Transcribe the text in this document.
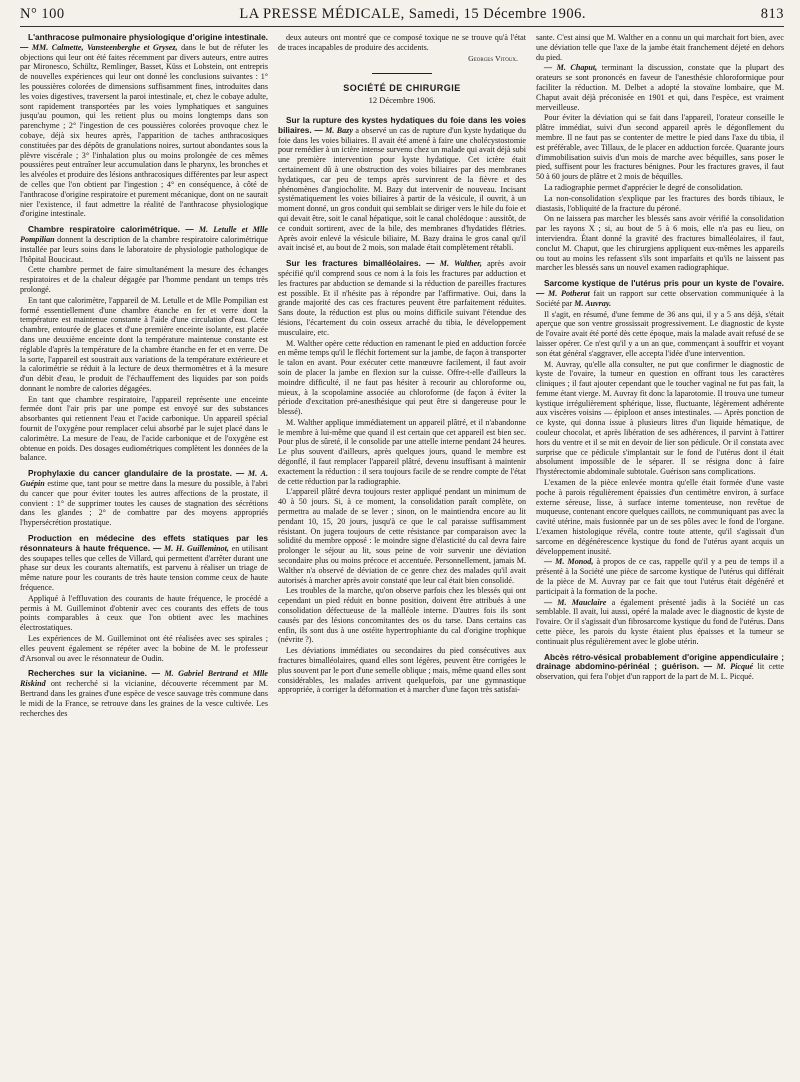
N° 100	LA PRESSE MÉDICALE, Samedi, 15 Décembre 1906.	813

L'anthracose pulmonaire physiologique d'origine intestinale. — MM. Calmette, Vansteenberghe et Grysez, dans le but de réfuter les objections qui leur ont été faites récemment par divers auteurs, entre autres par Mironesco, Schültz, Remlinger, Basset, Küss et Lobstein, ont entrepris de nouvelles expériences qui leur ont donné les conclusions suivantes : 1° les poussières colorées de dimensions suffisamment fines, introduites dans les voies digestives, traversent la paroi intestinale, et, chez le cobaye adulte, sont rapidement transportées par les voies lymphatiques et sanguines jusqu'au poumon, qui les retient plus ou moins longtemps dans son parenchyme ; 2° l'ingestion de ces poussières colorées provoque chez le cobaye, déjà six heures après, l'apparition de taches anthracosiques constituées par des dépôts de granulations noires, surtout abondantes sous la plèvre viscérale ; 3° l'inhalation plus ou moins prolongée de ces mêmes poussières peut entraîner leur accumulation dans le pharynx, les bronches et les alvéoles et produire des lésions anthracosiques différentes par leur aspect de celles que l'on obtient par l'ingestion ; 4° en conséquence, à côté de l'anthracose d'origine respiratoire et purement mécanique, dont on ne saurait nier l'existence, il faut admettre la réalité de l'anthracose physiologique d'origine intestinale.

Chambre respiratoire calorimétrique. — M. Letulle et Mlle Pompilian donnent la description de la chambre respiratoire calorimétrique installée par leurs soins dans le laboratoire de physiologie pathologique de l'hôpital Boucicaut.

Cette chambre permet de faire simultanément la mesure des échanges respiratoires et de la chaleur dégagée par l'homme pendant un temps très prolongé.

En tant que calorimètre, l'appareil de M. Letulle et de Mlle Pompilian est formé essentiellement d'une chambre étanche en fer et verre dont la température est maintenue constante à l'aide d'une circulation d'eau. Cette chambre, entourée de glaces et d'une première enceinte isolante, est placée dans une deuxième enceinte dont la température maintenue constante est réglable d'après la température de la chambre étanche en fer et en verre. De la sorte, l'appareil est soustrait aux variations de la température extérieure et la calorimétrie se réduit à la lecture de deux thermomètres et à la mesure d'un débit d'eau, le produit de l'échauffement des liquides par son poids donnant le nombre de calories dégagées.

En tant que chambre respiratoire, l'appareil représente une enceinte fermée dont l'air pris par une pompe est envoyé sur des substances absorbantes qui retiennent l'eau et l'acide carbonique. Un appareil spécial fournit de l'oxygène pour remplacer celui absorbé par le sujet placé dans le calorimètre. La mesure de l'eau, de l'acide carbonique et de l'oxygène est obtenue en poids. Des dosages eudiométriques complètent les données de la balance.

Prophylaxie du cancer glandulaire de la prostate. — M. A. Guépin estime que, tant pour se mettre dans la mesure du possible, à l'abri du cancer que pour éviter toutes les autres affections de la prostate, il convient : 1° de supprimer toutes les causes de stagnation des sécrétions dans les glandes ; 2° de combattre par des moyens appropriés l'hypersécrétion prostatique.

Production en médecine des effets statiques par les résonnateurs à haute fréquence. — M. H. Guilleminot, en utilisant des soupapes telles que celles de Villard, qui permettent d'arrêter durant une phase sur deux les courants alternatifs, est parvenu à réaliser un triage de même nature pour les courants de très haute tension comme ceux de haute fréquence.

Appliqué à l'effluvation des courants de haute fréquence, le procédé a permis à M. Guilleminot d'obtenir avec ces courants des effets de tous points comparables à ceux que l'on obtient avec les machines électrostatiques.

Les expériences de M. Guilleminot ont été réalisées avec ses spirales ; elles peuvent également se répéter avec la bobine de M. le professeur d'Arsonval ou avec le résonnateur de Oudin.

Recherches sur la vicianine. — M. Gabriel Bertrand et Mlle Riskind ont recherché si la vicianine, découverte récemment par M. Bertrand dans les graines d'une espèce de vesce sauvage très commune dans le midi de la France, se retrouve dans les graines de la vesce cultivée. Les recherches des

deux auteurs ont montré que ce composé toxique ne se trouve qu'à l'état de traces incapables de produire des accidents.

Georges Vitoux.
SOCIÉTÉ DE CHIRURGIE
12 Décembre 1906.

Sur la rupture des kystes hydatiques du foie dans les voies biliaires. — M. Bazy a observé un cas de rupture d'un kyste hydatique du foie dans les voies biliaires. Il avait été amené à faire une cholécystostomie pour remédier à un ictère intense survenu chez un malade qui avait déjà subi une première intervention pour kyste hydatique. Cet ictère était certainement dû à une obstruction des voies biliaires par des membranes hydatiques, car peu de temps après survinrent de la fièvre et des phénomènes d'angiocholite. M. Bazy dut intervenir de nouveau. Incisant systématiquement les voies biliaires à partir de la vésicule, il ouvrit, à un moment donné, un gros conduit qui semblait se diriger vers le hile du foie et qui devait être, soit le canal hépatique, soit le canal cholédoque : aussitôt, de ce conduit sortirent, avec de la bile, des membranes d'hydatides flétries. Après avoir enlevé la vésicule biliaire, M. Bazy draina le gros canal qu'il avait incisé et, au bout de 2 mois, son malade était complètement rétabli.

Sur les fractures bimalléolaires. — M. Walther, après avoir spécifié qu'il comprend sous ce nom à la fois les fractures par adduction et les fractures par abduction se demande si la réduction de pareilles fractures est possible. Et il n'hésite pas à répondre par l'affirmative. Oui, dans la grande majorité des cas ces fractures peuvent être parfaitement réduites. Sans doute, la réduction est plus ou moins difficile suivant l'étendue des lésions, l'écartement du coin osseux arraché du tibia, le développement musculaire, etc.

M. Walther opère cette réduction en ramenant le pied en adduction forcée en même temps qu'il le fléchit fortement sur la jambe, de façon à transporter le talon en avant. Pour exécuter cette manœuvre facilement, il faut avoir soin de placer la jambe en flexion sur la cuisse. Offre-t-elle d'ailleurs la moindre difficulté, il ne faut pas hésiter à recourir au chloroforme ou, mieux, à la scopolamine associée au chloroforme (de façon à éviter la période d'excitation pré-anesthésique qui peut être si dangereuse pour le blessé).

M. Walther applique immédiatement un appareil plâtré, et il n'abandonne le membre à lui-même que quand il est certain que cet appareil est bien sec. Pour plus de sûreté, il le consolide par une attelle interne pendant 24 heures. Le plus souvent d'ailleurs, après quelques jours, quand le membre est dégonflé, il faut remplacer l'appareil plâtré, devenu insuffisant à maintenir exactement la réduction : il sera toujours facile de se rendre compte de l'état de cette réduction par la radiographie.

L'appareil plâtré devra toujours rester appliqué pendant un minimum de 40 à 50 jours. Si, à ce moment, la consolidation paraît complète, on permettra au malade de se lever ; sinon, on le maintiendra encore au lit pendant 10, 15, 20 jours, jusqu'à ce que le cal paraisse suffisamment résistant. On jugera toujours de cette résistance par comparaison avec la solidité du membre opposé : le moindre signe d'élasticité du cal devra faire prolonger le séjour au lit, sous peine de voir survenir une déviation secondaire plus ou moins précoce et accentuée. Personnellement, jamais M. Walther n'a observé de déviation de ce genre chez des malades qu'il avait autorisés à marcher après avoir constaté que leur cal était bien consolidé.

Les troubles de la marche, qu'on observe parfois chez les blessés qui ont cependant un pied réduit en bonne position, doivent être attribués à une consolidation défectueuse de la malléole interne. D'autres fois ils sont causés par des lésions concomitantes des os du tarse. Dans certains cas enfin, ils sont dus à une ostéite hypertrophiante du cal d'origine trophique (névrite ?).

Les déviations immédiates ou secondaires du pied consécutives aux fractures bimalléolaires, quand elles sont légères, peuvent être corrigées le plus souvent par le port d'une semelle oblique ; mais, même quand elles sont considérables, les malades arrivent quelquefois, par une gymnastique appropriée, à corriger la déformation et à marcher d'une façon très satisfai-

sante. C'est ainsi que M. Walther en a connu un qui marchait fort bien, avec une déviation telle que l'axe de la jambe était franchement déjeté en dehors du pied.

— M. Chaput, terminant la discussion, constate que la plupart des orateurs se sont prononcés en faveur de l'anesthésie chloroformique pour faciliter la réduction. M. Delbet a adopté la stovaïne lombaire, que M. Chaput avait déjà préconisée en 1901 et qui, dans l'espèce, est vraiment merveilleuse.

Pour éviter la déviation qui se fait dans l'appareil, l'orateur conseille le plâtre immédiat, suivi d'un second appareil après le dégonflement du membre. Il ne faut pas se contenter de mettre le pied dans l'axe du tibia, il est préférable, avec Tillaux, de le placer en adduction forcée. Quarante jours d'immobilisation suivis d'un mois de marche avec béquilles, sans poser le pied, suffisent pour les fractures bénignes. Pour les fractures graves, il faut 50 à 60 jours de plâtre et 2 mois de béquilles.

La radiographie permet d'apprécier le degré de consolidation.

La non-consolidation s'explique par les fractures des bords tibiaux, le diastasis, l'obliquité de la fracture du péroné.

On ne laissera pas marcher les blessés sans avoir vérifié la consolidation par les rayons X ; si, au bout de 5 à 6 mois, elle n'a pas eu lieu, on interviendra. Étant donné la gravité des fractures bimalléolaires, il faut, conclut M. Chaput, que les chirurgiens appliquent eux-mêmes les appareils ou tout au moins les refassent s'ils sont imparfaits et qu'ils ne laissent pas marcher les blessés sans un nouvel examen radiographique.

Sarcome kystique de l'utérus pris pour un kyste de l'ovaire. — M. Potherat fait un rapport sur cette observation communiquée à la Société par M. Auvray.

Il s'agit, en résumé, d'une femme de 36 ans qui, il y a 5 ans déjà, s'était aperçue que son ventre grossissait progressivement. Le diagnostic de kyste de l'ovaire avait été porté dès cette époque, mais la malade avait refusé de se laisser opérer. Ce n'est qu'il y a un an que, commençant à souffrir et voyant son état général s'aggraver, elle accepta l'idée d'une intervention.

M. Auvray, qu'elle alla consulter, ne put que confirmer le diagnostic de kyste de l'ovaire, la tumeur en question en offrant tous les caractères cliniques ; il faut ajouter cependant que le toucher vaginal ne fut pas fait, la femme étant vierge. M. Auvray fit donc la laparotomie. Il trouva une tumeur kystique irrégulièrement sphérique, lisse, fluctuante, légèrement adhérente aux viscères voisins — épiploon et anses intestinales. — Après ponction de ce kyste, qui donna issue à plusieurs litres d'un liquide hématique, de couleur chocolat, et après libération de ses adhérences, il parvint à l'attirer hors du ventre et il se mit en devoir de lier son pédicule. Or il constata avec surprise que ce pédicule s'implantait sur le fond de l'utérus dont il était absolument impossible de le séparer. Il se résigna donc à faire l'hystérectomie abdominale subtotale. Guérison sans complications.

L'examen de la pièce enlevée montra qu'elle était formée d'une vaste poche à parois régulièrement épaissies d'un centimètre environ, à surface externe séreuse, lisse, à surface interne tomenteuse, non revêtue de muqueuse, contenant encore quelques caillots, ne communiquant pas avec la cavité utérine, mais fusionnée par un de ses pôles avec le fond de l'organe. L'examen histologique révéla, contre toute attente, qu'il s'agissait d'un sarcome en dégénérescence kystique du fond de l'utérus ayant acquis un développement inusité.

— M. Monod, à propos de ce cas, rappelle qu'il y a peu de temps il a présenté à la Société une pièce de sarcome kystique de l'utérus qui différait de la pièce de M. Auvray par ce fait que tout l'utérus était dégénéré et participait à la formation de la poche.

— M. Mauclaire a également présenté jadis à la Société un cas semblable. Il avait, lui aussi, opéré la malade avec le diagnostic de kyste de l'ovaire. Or il s'agissait d'un fibrosarcome kystique du fond de l'utérus. Dans cette pièce, les parois du kyste étaient plus épaisses et la tumeur se continuait plus régulièrement avec le globe utérin.

Abcès rétro-vésical probablement d'origine appendiculaire ; drainage abdomino-périnéal ; guérison. — M. Picqué lit cette observation, qui fera l'objet d'un rapport de la part de M. L. Picqué.
